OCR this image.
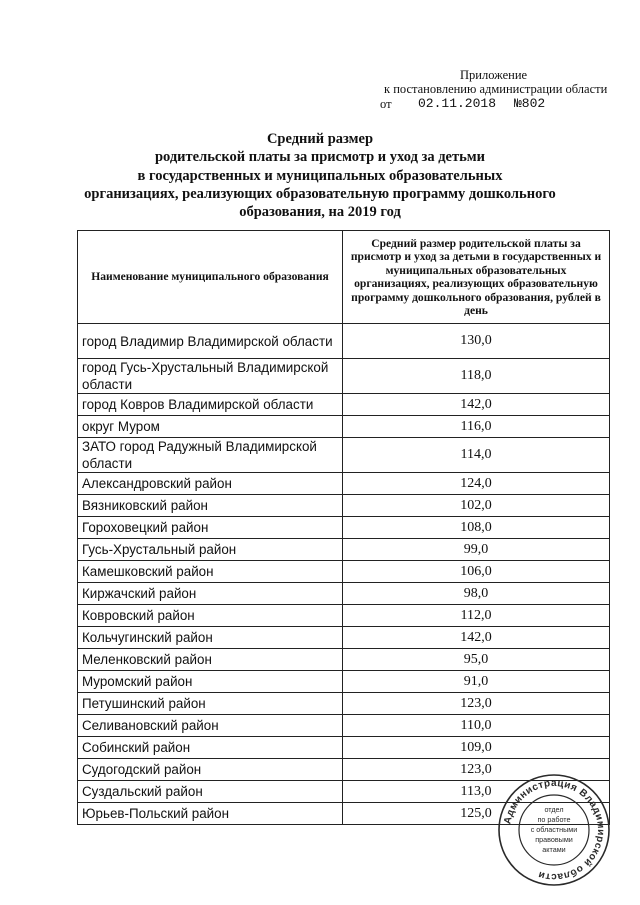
Приложение
к постановлению администрации области
от	02.11.2018	№802
Средний размер
родительской платы за присмотр и уход за детьми
в государственных и муниципальных образовательных
организациях, реализующих образовательную программу дошкольного
образования, на 2019 год
Наименование муниципального образования	Средний размер родительской платы за присмотр и уход за детьми в государственных и муниципальных образовательных организациях, реализующих образовательную программу дошкольного образования, рублей в день
город Владимир Владимирской области	130,0
город Гусь-Хрустальный Владимирской области	118,0
город Ковров Владимирской области	142,0
округ Муром	116,0
ЗАТО город Радужный Владимирской области	114,0
Александровский район	124,0
Вязниковский район	102,0
Гороховецкий район	108,0
Гусь-Хрустальный район	99,0
Камешковский район	106,0
Киржачский район	98,0
Ковровский район	112,0
Кольчугинский район	142,0
Меленковский район	95,0
Муромский район	91,0
Петушинский район	123,0
Селивановский район	110,0
Собинский район	109,0
Судогодский район	123,0
Суздальский район	113,0
Юрьев-Польский район	125,0 Администрация Владимирской области
отдел
по работе
с областными
правовыми
актами
